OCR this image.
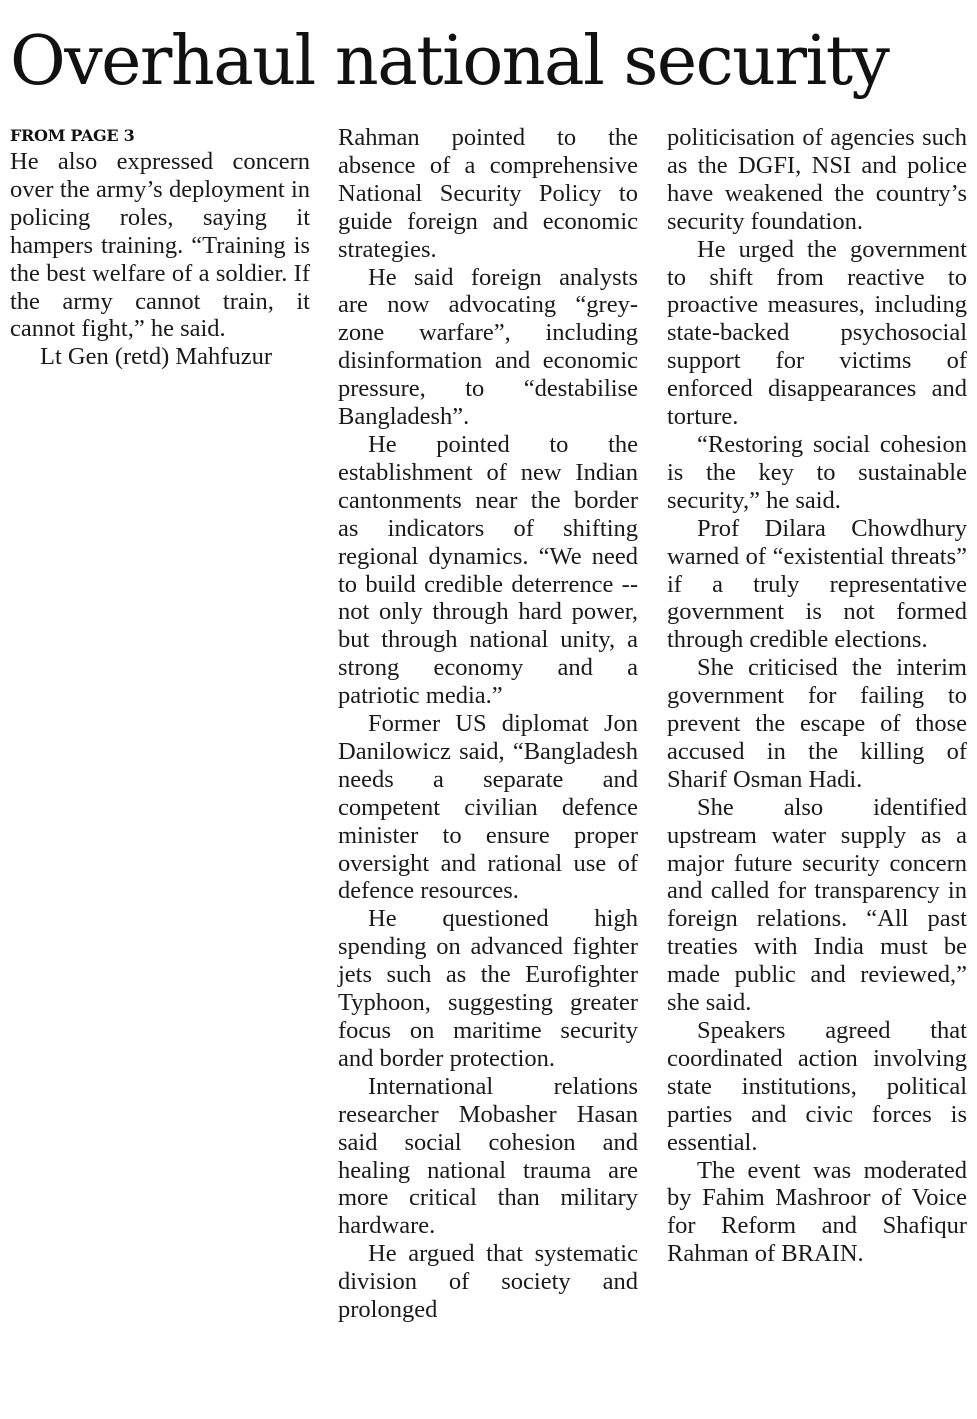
Overhaul national security
FROM PAGE 3

He also expressed concern over the army’s deployment in policing roles, saying it hampers training. “Training is the best welfare of a soldier. If the army cannot train, it cannot fight,” he said.

Lt Gen (retd) Mahfuzur

Rahman pointed to the absence of a comprehensive National Security Policy to guide foreign and economic strategies.

He said foreign analysts are now advocating “grey-zone warfare”, including disinformation and economic pressure, to “destabilise Bangladesh”.

He pointed to the establishment of new Indian cantonments near the border as indicators of shifting regional dynamics. “We need to build credible deterrence -- not only through hard power, but through national unity, a strong economy and a patriotic media.”

Former US diplomat Jon Danilowicz said, “Bangladesh needs a separate and competent civilian defence minister to ensure proper oversight and rational use of defence resources.

He questioned high spending on advanced fighter jets such as the Eurofighter Typhoon, suggesting greater focus on maritime security and border protection.

International relations researcher Mobasher Hasan said social cohesion and healing national trauma are more critical than military hardware.

He argued that systematic division of society and prolonged

politicisation of agencies such as the DGFI, NSI and police have weakened the country’s security foundation.

He urged the government to shift from reactive to proactive measures, including state-backed psychosocial support for victims of enforced disappearances and torture.

“Restoring social cohesion is the key to sustainable security,” he said.

Prof Dilara Chowdhury warned of “existential threats” if a truly representative government is not formed through credible elections.

She criticised the interim government for failing to prevent the escape of those accused in the killing of Sharif Osman Hadi.

She also identified upstream water supply as a major future security concern and called for transparency in foreign relations. “All past treaties with India must be made public and reviewed,” she said.

Speakers agreed that coordinated action involving state institutions, political parties and civic forces is essential.

The event was moderated by Fahim Mashroor of Voice for Reform and Shafiqur Rahman of BRAIN.
